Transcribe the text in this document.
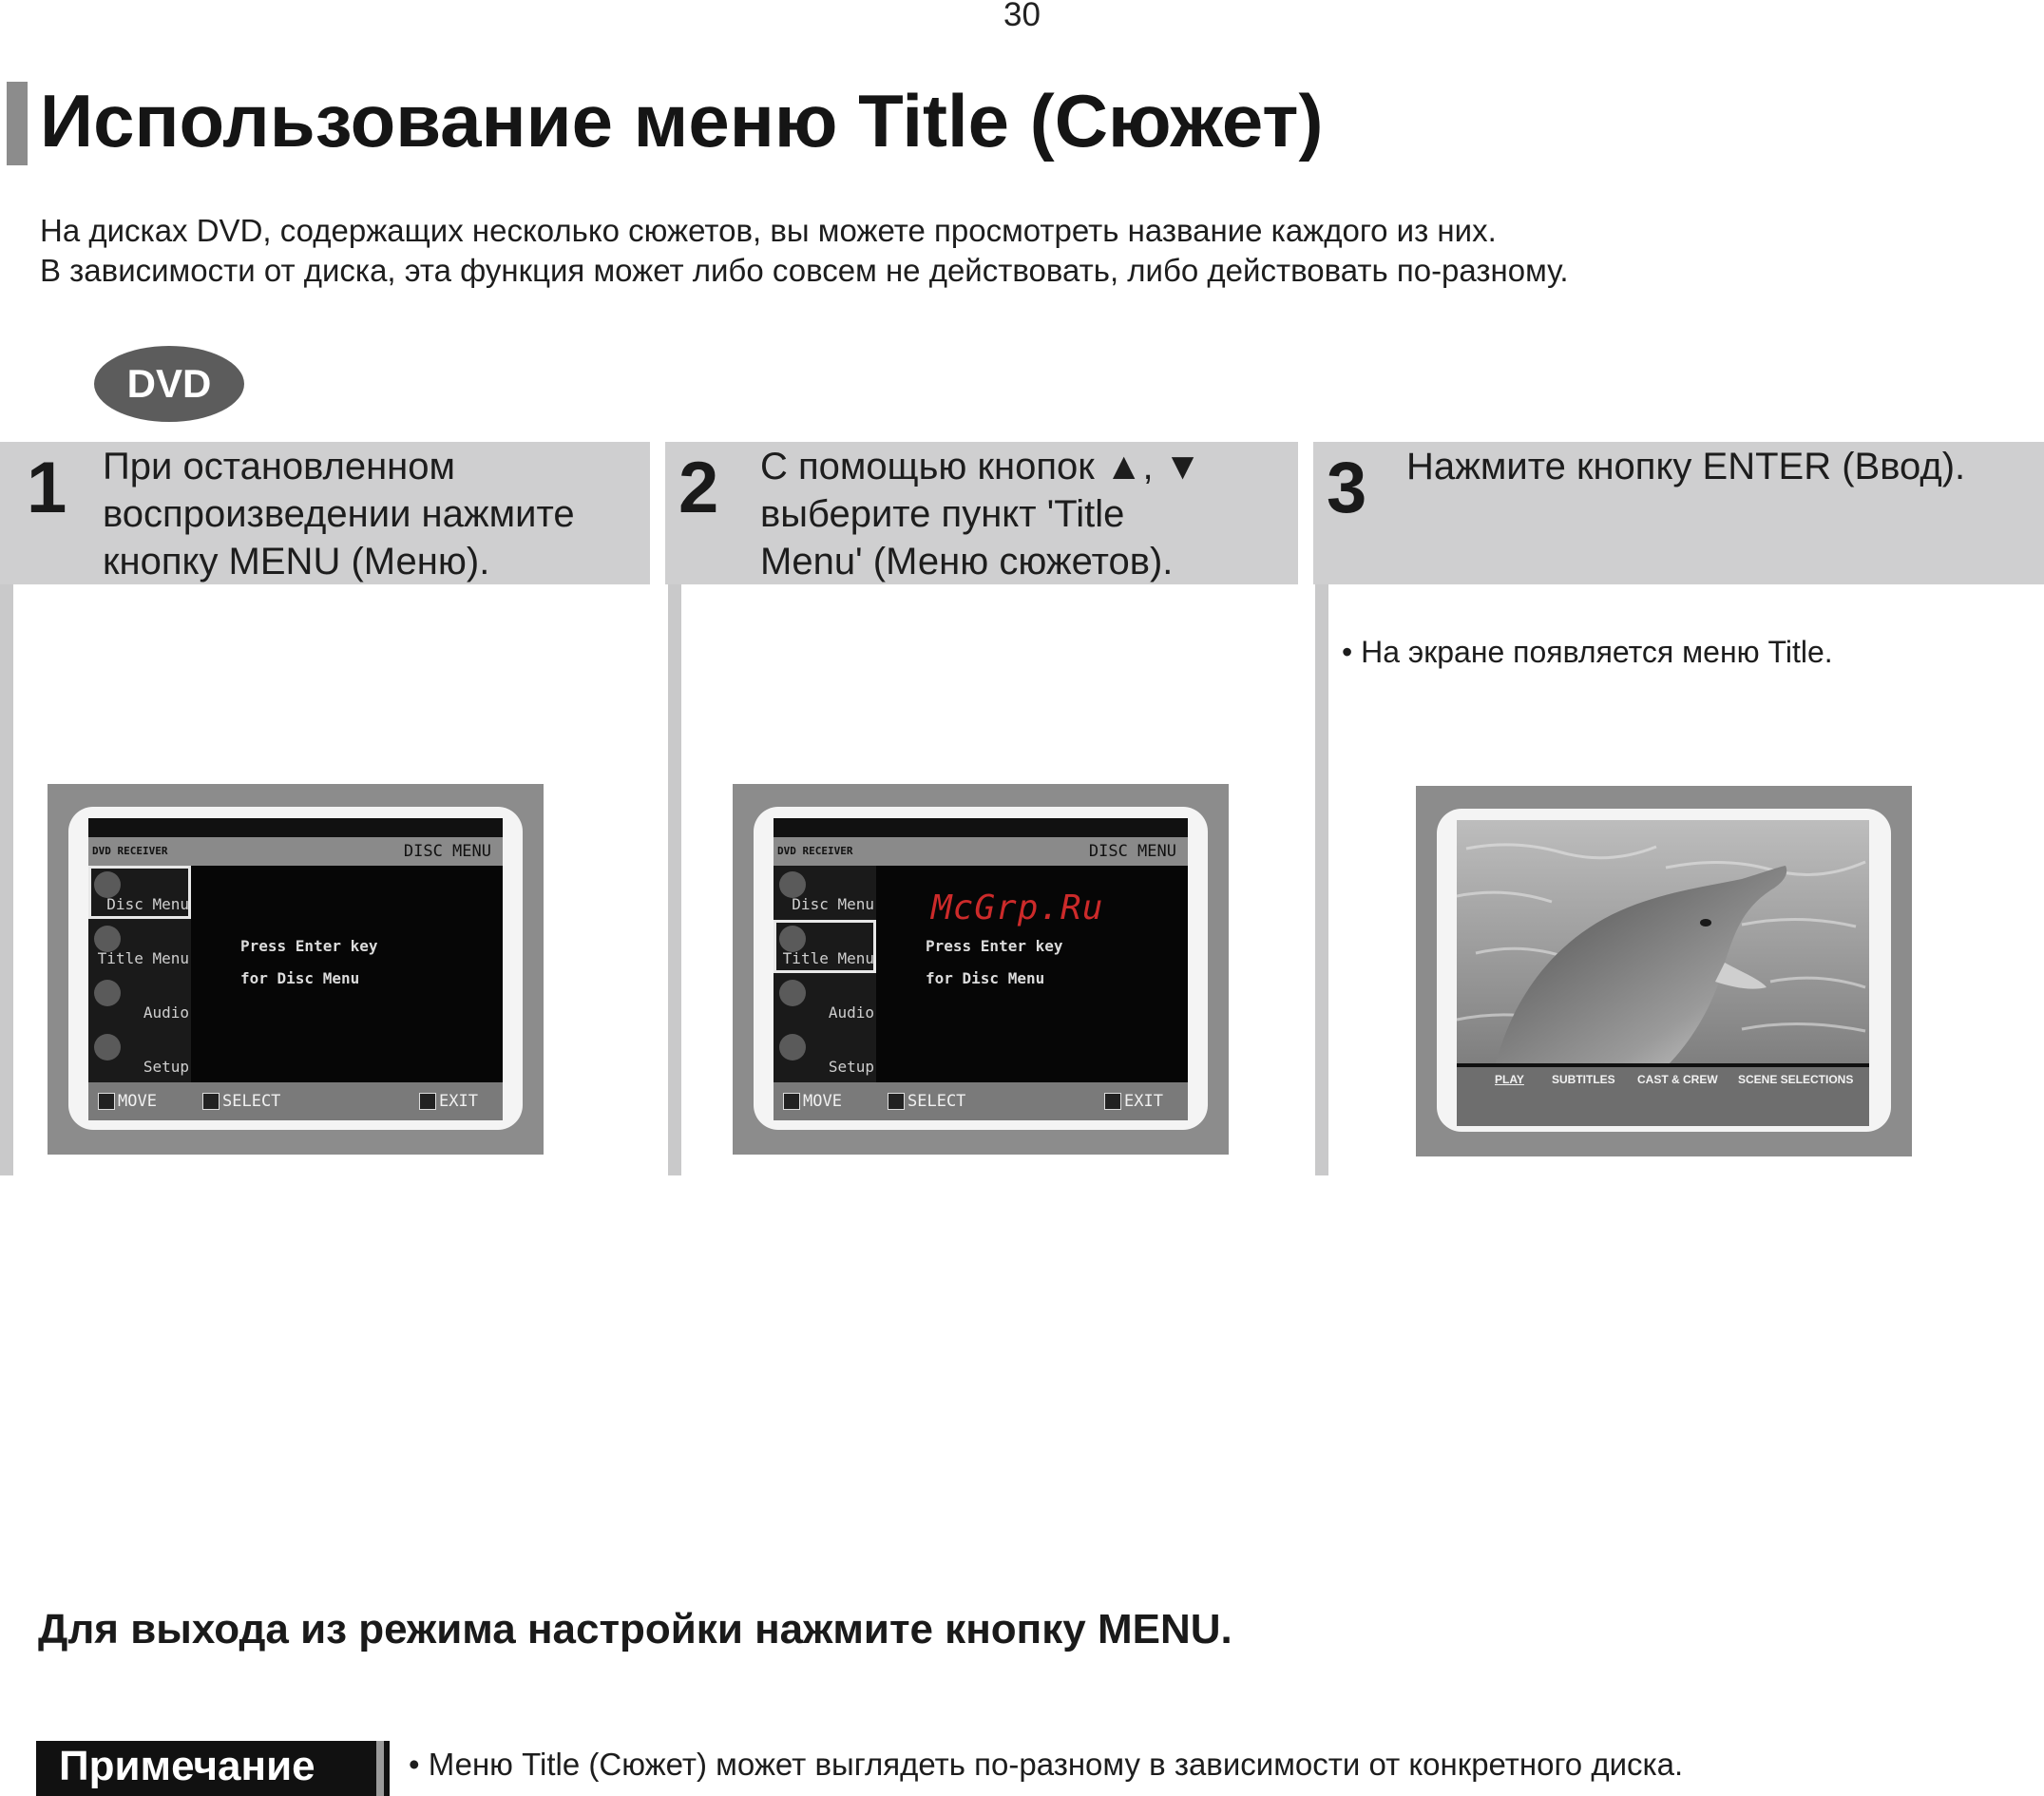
30
Использование меню Title (Сюжет)
На дисках DVD, содержащих несколько сюжетов, вы можете просмотреть название каждого из них.
В зависимости от диска, эта функция может либо совсем не действовать, либо действовать по-разному.
DVD
1 При остановленном
воспроизведении нажмите
кнопку MENU (Меню).
2 С помощью кнопок ▲, ▼
выберите пункт 'Title
Menu' (Меню сюжетов).
3 Нажмите кнопку ENTER (Ввод).
• На экране появляется меню Title.
DVD RECEIVER	DISC MENU
Disc Menu
Title Menu
Audio
Setup
Press Enter key
for Disc Menu
MOVE	SELECT	EXIT
DVD RECEIVER	DISC MENU
Disc Menu
Title Menu
Audio
Setup
McGrp.Ru
Press Enter key
for Disc Menu
MOVE	SELECT	EXIT
PLAY SUBTITLES CAST & CREW SCENE SELECTIONS
Для выхода из режима настройки нажмите кнопку MENU.
Примечание	• Меню Title (Сюжет) может выглядеть по-разному в зависимости от конкретного диска.
